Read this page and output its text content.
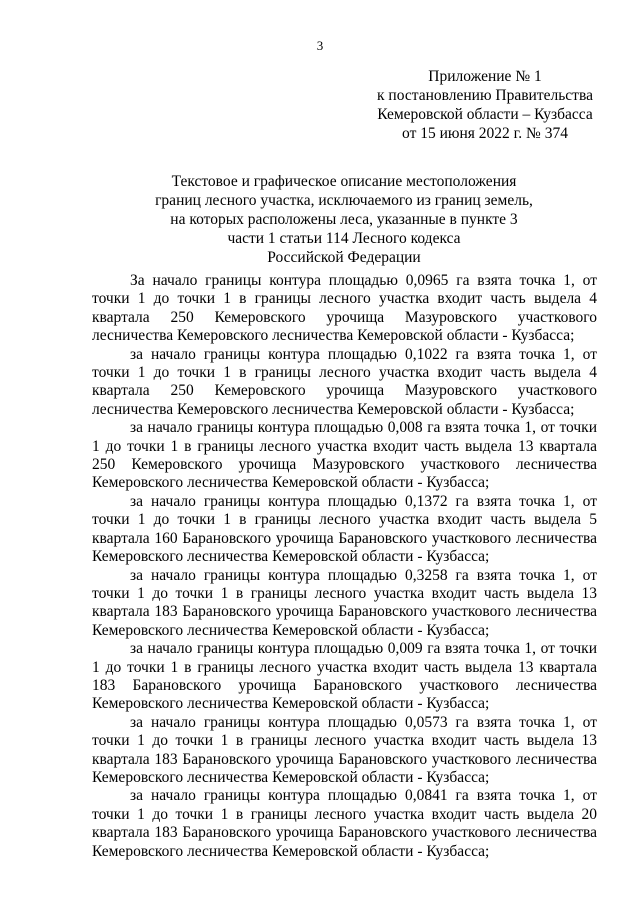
3
Приложение № 1
к постановлению Правительства
Кемеровской области – Кузбасса
от 15 июня 2022 г. № 374
Текстовое и графическое описание местоположения
границ лесного участка, исключаемого из границ земель,
на которых расположены леса, указанные в пункте 3
части 1 статьи 114 Лесного кодекса
Российской Федерации

За начало границы контура площадью 0,0965 га взята точка 1, от точки 1 до точки 1 в границы лесного участка входит часть выдела 4 квартала 250 Кемеровского урочища Мазуровского участкового лесничества Кемеровского лесничества Кемеровской области - Кузбасса;

за начало границы контура площадью 0,1022 га взята точка 1, от точки 1 до точки 1 в границы лесного участка входит часть выдела 4 квартала 250 Кемеровского урочища Мазуровского участкового лесничества Кемеровского лесничества Кемеровской области - Кузбасса;

за начало границы контура площадью 0,008 га взята точка 1, от точки 1 до точки 1 в границы лесного участка входит часть выдела 13 квартала 250 Кемеровского урочища Мазуровского участкового лесничества Кемеровского лесничества Кемеровской области - Кузбасса;

за начало границы контура площадью 0,1372 га взята точка 1, от точки 1 до точки 1 в границы лесного участка входит часть выдела 5 квартала 160 Барановского урочища Барановского участкового лесничества Кемеровского лесничества Кемеровской области - Кузбасса;

за начало границы контура площадью 0,3258 га взята точка 1, от точки 1 до точки 1 в границы лесного участка входит часть выдела 13 квартала 183 Барановского урочища Барановского участкового лесничества Кемеровского лесничества Кемеровской области - Кузбасса;

за начало границы контура площадью 0,009 га взята точка 1, от точки 1 до точки 1 в границы лесного участка входит часть выдела 13 квартала 183 Барановского урочища Барановского участкового лесничества Кемеровского лесничества Кемеровской области - Кузбасса;

за начало границы контура площадью 0,0573 га взята точка 1, от точки 1 до точки 1 в границы лесного участка входит часть выдела 13 квартала 183 Барановского урочища Барановского участкового лесничества Кемеровского лесничества Кемеровской области - Кузбасса;

за начало границы контура площадью 0,0841 га взята точка 1, от точки 1 до точки 1 в границы лесного участка входит часть выдела 20 квартала 183 Барановского урочища Барановского участкового лесничества Кемеровского лесничества Кемеровской области - Кузбасса;
